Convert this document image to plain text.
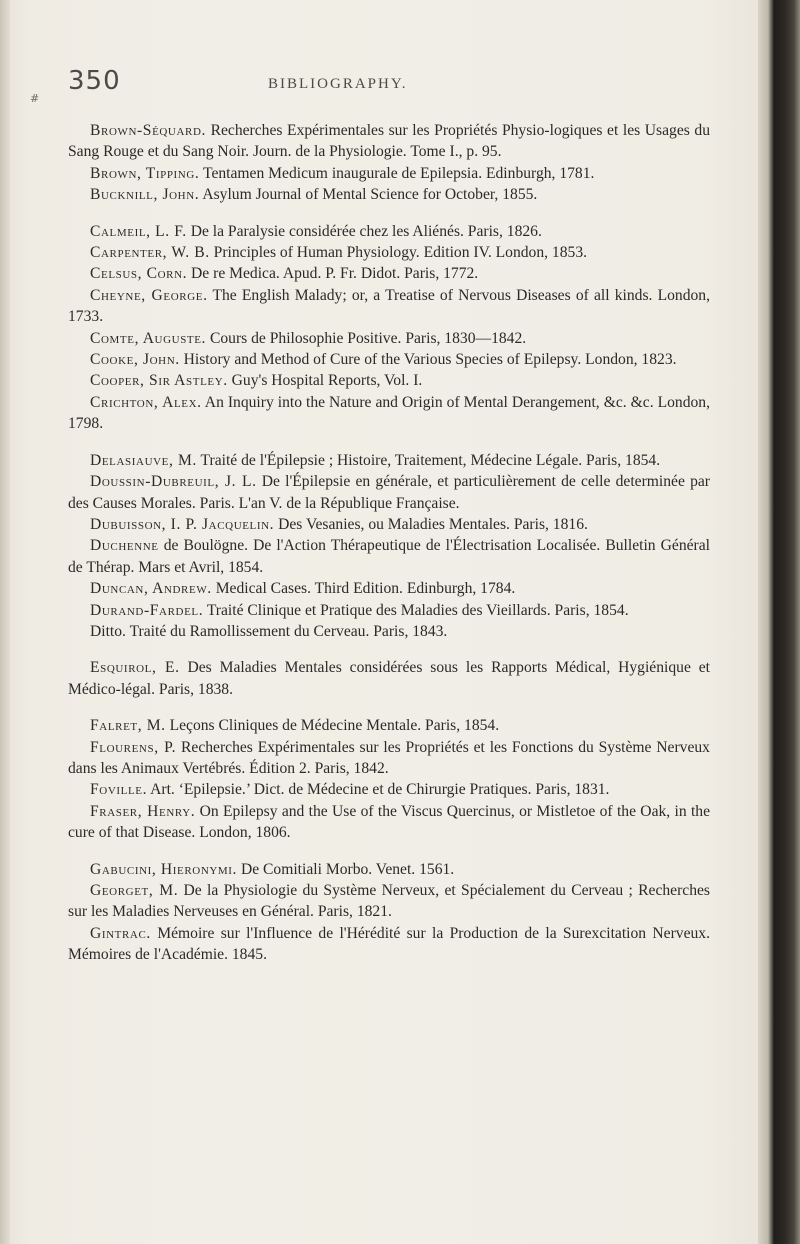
#
350	BIBLIOGRAPHY.

Brown-Séquard. Recherches Expérimentales sur les Propriétés Physio-logiques et les Usages du Sang Rouge et du Sang Noir. Journ. de la Physiologie. Tome I., p. 95.

Brown, Tipping. Tentamen Medicum inaugurale de Epilepsia. Edinburgh, 1781.

Bucknill, John. Asylum Journal of Mental Science for October, 1855.

Calmeil, L. F. De la Paralysie considérée chez les Aliénés. Paris, 1826.

Carpenter, W. B. Principles of Human Physiology. Edition IV. London, 1853.

Celsus, Corn. De re Medica. Apud. P. Fr. Didot. Paris, 1772.

Cheyne, George. The English Malady; or, a Treatise of Nervous Diseases of all kinds. London, 1733.

Comte, Auguste. Cours de Philosophie Positive. Paris, 1830—1842.

Cooke, John. History and Method of Cure of the Various Species of Epilepsy. London, 1823.

Cooper, Sir Astley. Guy's Hospital Reports, Vol. I.

Crichton, Alex. An Inquiry into the Nature and Origin of Mental Derangement, &c. &c. London, 1798.

Delasiauve, M. Traité de l'Épilepsie ; Histoire, Traitement, Médecine Légale. Paris, 1854.

Doussin-Dubreuil, J. L. De l'Épilepsie en générale, et particulièrement de celle determinée par des Causes Morales. Paris. L'an V. de la République Française.

Dubuisson, I. P. Jacquelin. Des Vesanies, ou Maladies Mentales. Paris, 1816.

Duchenne de Boulögne. De l'Action Thérapeutique de l'Électrisation Localisée. Bulletin Général de Thérap. Mars et Avril, 1854.

Duncan, Andrew. Medical Cases. Third Edition. Edinburgh, 1784.

Durand-Fardel. Traité Clinique et Pratique des Maladies des Vieillards. Paris, 1854.

Ditto. Traité du Ramollissement du Cerveau. Paris, 1843.

Esquirol, E. Des Maladies Mentales considérées sous les Rapports Médical, Hygiénique et Médico-légal. Paris, 1838.

Falret, M. Leçons Cliniques de Médecine Mentale. Paris, 1854.

Flourens, P. Recherches Expérimentales sur les Propriétés et les Fonctions du Système Nerveux dans les Animaux Vertébrés. Édition 2. Paris, 1842.

Foville. Art. ‘Epilepsie.’ Dict. de Médecine et de Chirurgie Pratiques. Paris, 1831.

Fraser, Henry. On Epilepsy and the Use of the Viscus Quercinus, or Mistletoe of the Oak, in the cure of that Disease. London, 1806.

Gabucini, Hieronymi. De Comitiali Morbo. Venet. 1561.

Georget, M. De la Physiologie du Système Nerveux, et Spécialement du Cerveau ; Recherches sur les Maladies Nerveuses en Général. Paris, 1821.

Gintrac. Mémoire sur l'Influence de l'Hérédité sur la Production de la Surexcitation Nerveux. Mémoires de l'Académie. 1845.
